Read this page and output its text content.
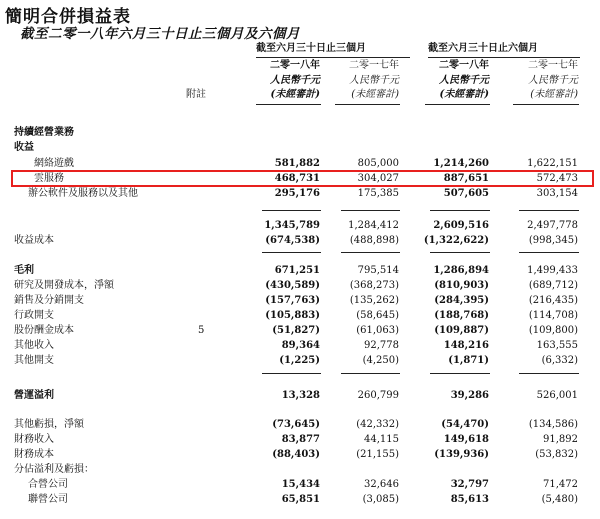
簡明合併損益表
截至二零一八年六月三十日止三個月及六個月
截至六月三十日止三個月	截至六月三十日止六個月
二零一八年	二零一七年	二零一八年	二零一七年
附註
人民幣千元	人民幣千元	人民幣千元	人民幣千元
(未經審計)	(未經審計)	(未經審計)	(未經審計)
持續經營業務
收益
網絡遊戲	581,882	805,000	1,214,260	1,622,151
雲服務	468,731	304,027	887,651	572,473
辦公軟件及服務以及其他	295,176	175,385	507,605	303,154
1,345,789	1,284,412	2,609,516	2,497,778
收益成本	(674,538)	(488,898) (1,322,622)	(998,345)
毛利	671,251	795,514	1,286,894	1,499,433
研究及開發成本，淨額	(430,589)	(368,273)	(810,903)	(689,712)
銷售及分銷開支	(157,763)	(135,262)	(284,395)	(216,435)
行政開支	(105,883)	(58,645)	(188,768)	(114,708)
股份酬金成本	5	(51,827)	(61,063)	(109,887)	(109,800)
其他收入	89,364	92,778	148,216	163,555
其他開支	(1,225)	(4,250)	(1,871)	(6,332)
營運溢利	13,328	260,799	39,286	526,001
其他虧損，淨額	(73,645)	(42,332)	(54,470)	(134,586)
財務收入	83,877	44,115	149,618	91,892
財務成本	(88,403)	(21,155)	(139,936)	(53,832)
分佔溢利及虧損：
合營公司	15,434	32,646	32,797	71,472
聯營公司	65,851	(3,085)	85,613	(5,480)
